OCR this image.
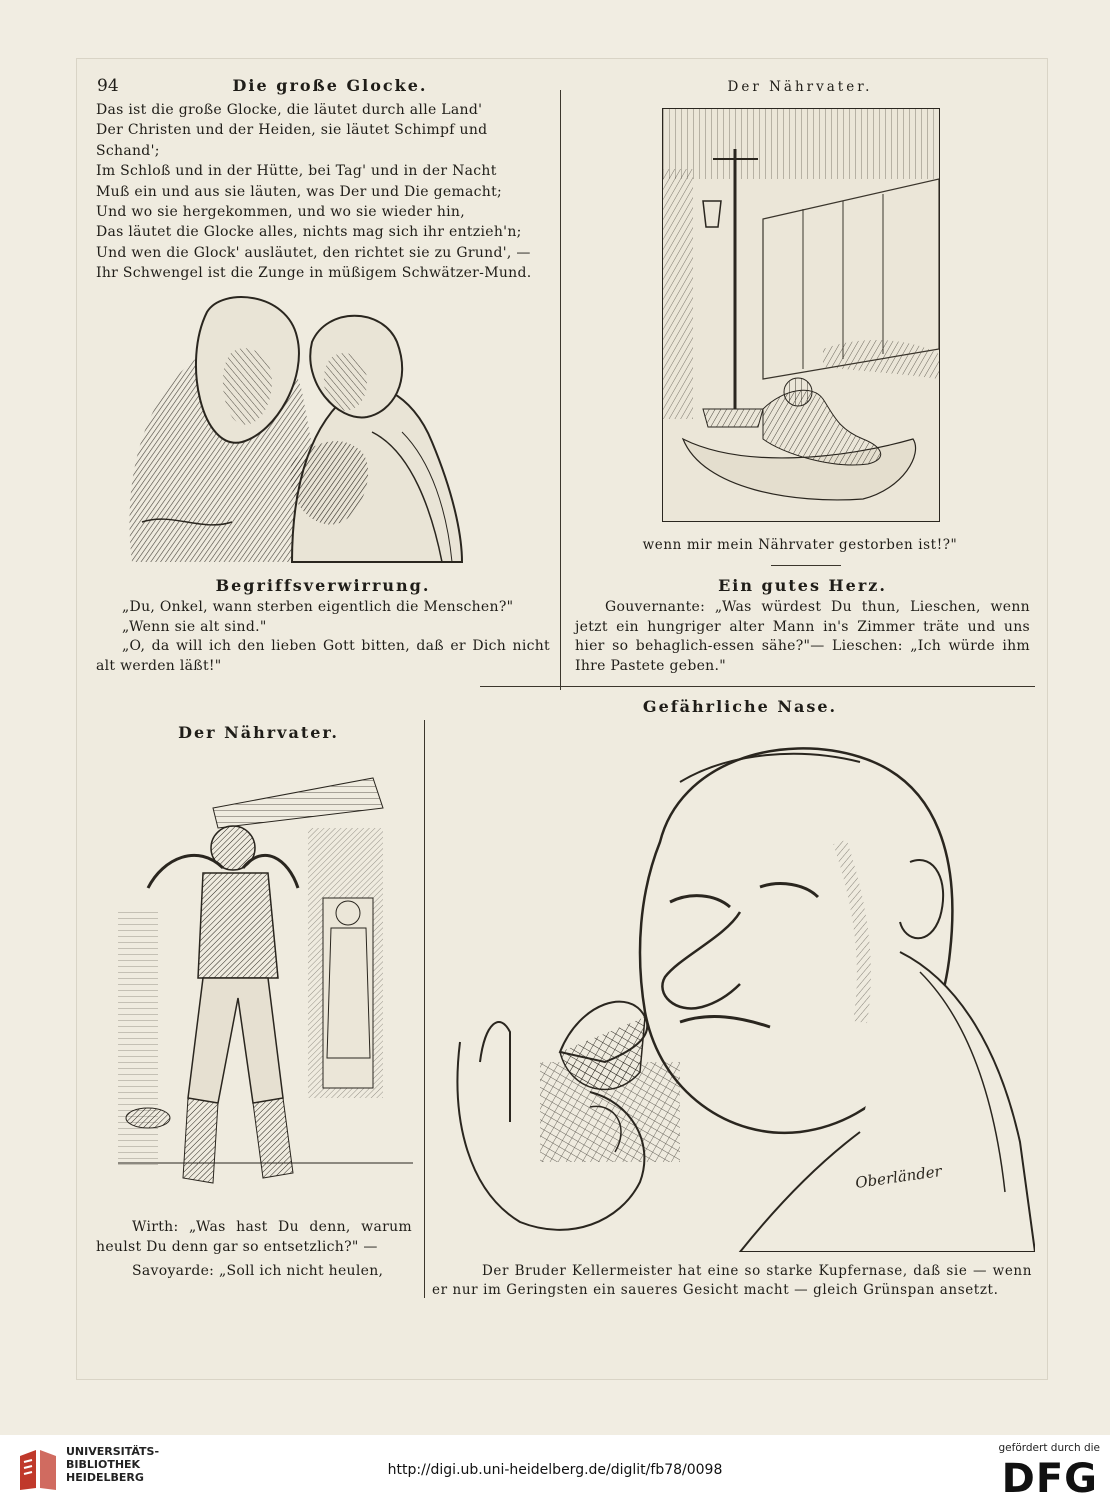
94	Die große Glocke.
Das ist die große Glocke, die läutet durch alle Land'
Der Christen und der Heiden, sie läutet Schimpf und Schand';
Im Schloß und in der Hütte, bei Tag' und in der Nacht
Muß ein und aus sie läuten, was Der und Die gemacht;
Und wo sie hergekommen, und wo sie wieder hin,
Das läutet die Glocke alles, nichts mag sich ihr entzieh'n;
Und wen die Glock' ausläutet, den richtet sie zu Grund', —
Ihr Schwengel ist die Zunge in müßigem Schwätzer-Mund.
Der Nährvater.
wenn mir mein Nährvater gestorben ist!?"
Begriffsverwirrung.
„Du, Onkel, wann sterben eigentlich die Menschen?"
„Wenn sie alt sind."
„O, da will ich den lieben Gott bitten, daß er Dich nicht alt werden läßt!"
Ein gutes Herz.
Gouvernante: „Was würdest Du thun, Lieschen, wenn jetzt ein hungriger alter Mann in's Zimmer träte und uns hier so behaglich-essen sähe?"— Lieschen: „Ich würde ihm Ihre Pastete geben."
Gefährliche Nase.
Der Nährvater.
Wirth: „Was hast Du denn, warum heulst Du denn gar so entsetzlich?" —
Savoyarde: „Soll ich nicht heulen,
Oberländer
Der Bruder Kellermeister hat eine so starke Kupfernase, daß sie — wenn er nur im Geringsten ein saueres Gesicht macht — gleich Grünspan ansetzt.
UNIVERSITÄTS-
BIBLIOTHEK
HEIDELBERG	http://digi.ub.uni-heidelberg.de/diglit/fb78/0098
gefördert durch die
DFG
